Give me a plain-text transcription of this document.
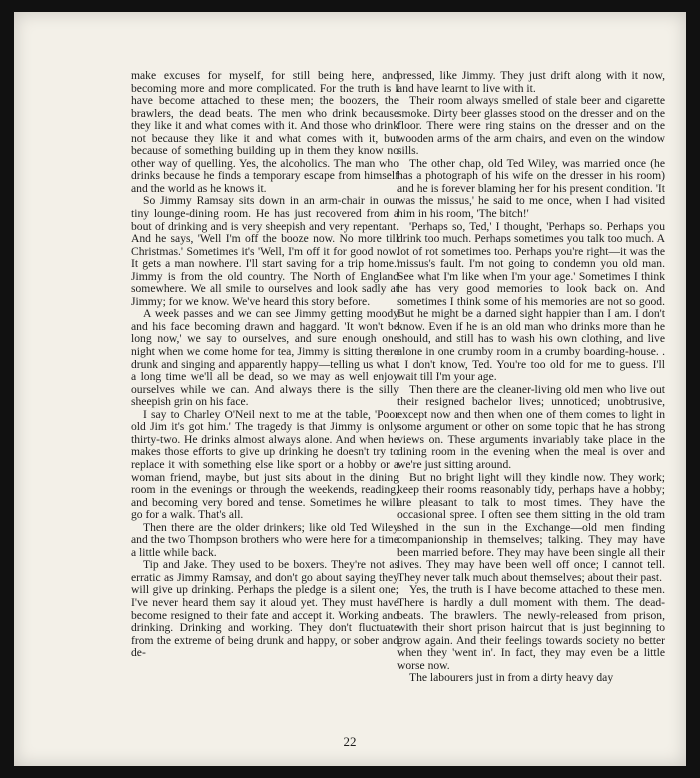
make excuses for myself, for still being here, and becoming more and more complicated. For the truth is I have become attached to these men; the boozers, the brawlers, the dead beats. The men who drink because they like it and what comes with it. And those who drink not because they like it and what comes with it, but because of something building up in them they know no other way of quelling. Yes, the alcoholics. The man who drinks because he finds a temporary escape from himself and the world as he knows it.

So Jimmy Ramsay sits down in an arm-chair in our tiny lounge-dining room. He has just recovered from a bout of drinking and is very sheepish and very repentant. And he says, 'Well I'm off the booze now. No more till Christmas.' Sometimes it's 'Well, I'm off it for good now. It gets a man nowhere. I'll start saving for a trip home.' Jimmy is from the old country. The North of England somewhere. We all smile to ourselves and look sadly at Jimmy; for we know. We've heard this story before.

A week passes and we can see Jimmy getting moody and his face becoming drawn and haggard. 'It won't be long now,' we say to ourselves, and sure enough one night when we come home for tea, Jimmy is sitting there drunk and singing and apparently happy—telling us what a long time we'll all be dead, so we may as well enjoy ourselves while we can. And always there is the silly sheepish grin on his face.

I say to Charley O'Neil next to me at the table, 'Poor old Jim it's got him.' The tragedy is that Jimmy is only thirty-two. He drinks almost always alone. And when he makes those efforts to give up drinking he doesn't try to replace it with something else like sport or a hobby or a woman friend, maybe, but just sits about in the dining room in the evenings or through the weekends, reading, and becoming very bored and tense. Sometimes he will go for a walk. That's all.

Then there are the older drinkers; like old Ted Wiley and the two Thompson brothers who were here for a time a little while back.

Tip and Jake. They used to be boxers. They're not as erratic as Jimmy Ramsay, and don't go about saying they will give up drinking. Perhaps the pledge is a silent one; I've never heard them say it aloud yet. They must have become resigned to their fate and accept it. Working and drinking. Drinking and working. They don't fluctuate from the extreme of being drunk and happy, or sober and de-

pressed, like Jimmy. They just drift along with it now, and have learnt to live with it.

Their room always smelled of stale beer and cigarette smoke. Dirty beer glasses stood on the dresser and on the floor. There were ring stains on the dresser and on the wooden arms of the arm chairs, and even on the window sills.

The other chap, old Ted Wiley, was married once (he has a photograph of his wife on the dresser in his room) and he is forever blaming her for his present condition. 'It was the missus,' he said to me once, when I had visited him in his room, 'The bitch!'

'Perhaps so, Ted,' I thought, 'Perhaps so. Perhaps you drink too much. Perhaps sometimes you talk too much. A lot of rot sometimes too. Perhaps you're right—it was the missus's fault. I'm not going to condemn you old man. See what I'm like when I'm your age.' Sometimes I think he has very good memories to look back on. And sometimes I think some of his memories are not so good. But he might be a darned sight happier than I am. I don't know. Even if he is an old man who drinks more than he should, and still has to wash his own clothing, and live alone in one crumby room in a crumby boarding-house. . . I don't know, Ted. You're too old for me to guess. I'll wait till I'm your age.

Then there are the cleaner-living old men who live out their resigned bachelor lives; unnoticed; unobtrusive, except now and then when one of them comes to light in some argument or other on some topic that he has strong views on. These arguments invariably take place in the dining room in the evening when the meal is over and we're just sitting around.

But no bright light will they kindle now. They work; keep their rooms reasonably tidy, perhaps have a hobby; are pleasant to talk to most times. They have the occasional spree. I often see them sitting in the old tram shed in the sun in the Exchange—old men finding companionship in themselves; talking. They may have been married before. They may have been single all their lives. They may have been well off once; I cannot tell. They never talk much about themselves; about their past.

Yes, the truth is I have become attached to these men. There is hardly a dull moment with them. The dead-beats. The brawlers. The newly-released from prison, with their short prison haircut that is just beginning to grow again. And their feelings towards society no better when they 'went in'. In fact, they may even be a little worse now.

The labourers just in from a dirty heavy day

22
